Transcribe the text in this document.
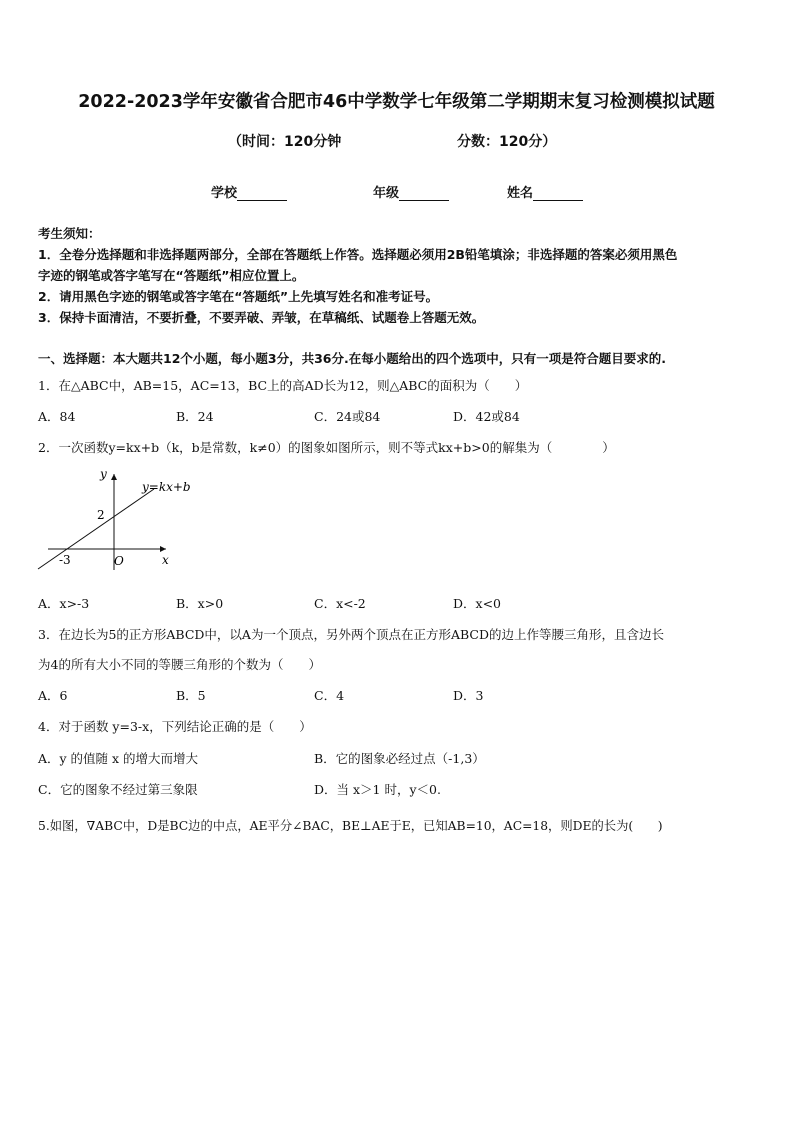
2022-2023学年安徽省合肥市46中学数学七年级第二学期期末复习检测模拟试题
（时间：120分钟	分数：120分）
学校	年级	姓名
考生须知：
1．全卷分选择题和非选择题两部分，全部在答题纸上作答。选择题必须用2B铅笔填涂；非选择题的答案必须用黑色
字迹的钢笔或答字笔写在“答题纸”相应位置上。
2．请用黑色字迹的钢笔或答字笔在“答题纸”上先填写姓名和准考证号。
3．保持卡面清洁，不要折叠，不要弄破、弄皱，在草稿纸、试题卷上答题无效。
一、选择题：本大题共12个小题，每小题3分，共36分.在每小题给出的四个选项中，只有一项是符合题目要求的.
1．在△ABC中，AB=15，AC=13，BC上的高AD长为12，则△ABC的面积为（　　）
A．84	B．24	C．24或84	D．42或84
2．一次函数y=kx+b（k，b是常数，k≠0）的图象如图所示，则不等式kx+b>0的解集为（　　　　）
y
x
O
y=kx+b
2
-3
A．x>-3	B．x>0	C．x<-2	D．x<0
3．在边长为5的正方形ABCD中，以A为一个顶点，另外两个顶点在正方形ABCD的边上作等腰三角形，且含边长
为4的所有大小不同的等腰三角形的个数为（　　）
A．6	B．5	C．4	D．3
4．对于函数 y=3-x，下列结论正确的是（　　）
A．y 的值随 x 的增大而增大	B．它的图象必经过点（-1,3）
C．它的图象不经过第三象限	D．当 x＞1 时，y＜0.
5.如图，∇ABC中，D是BC边的中点，AE平分∠BAC，BE⊥AE于E，已知AB=10，AC=18，则DE的长为(　　)
